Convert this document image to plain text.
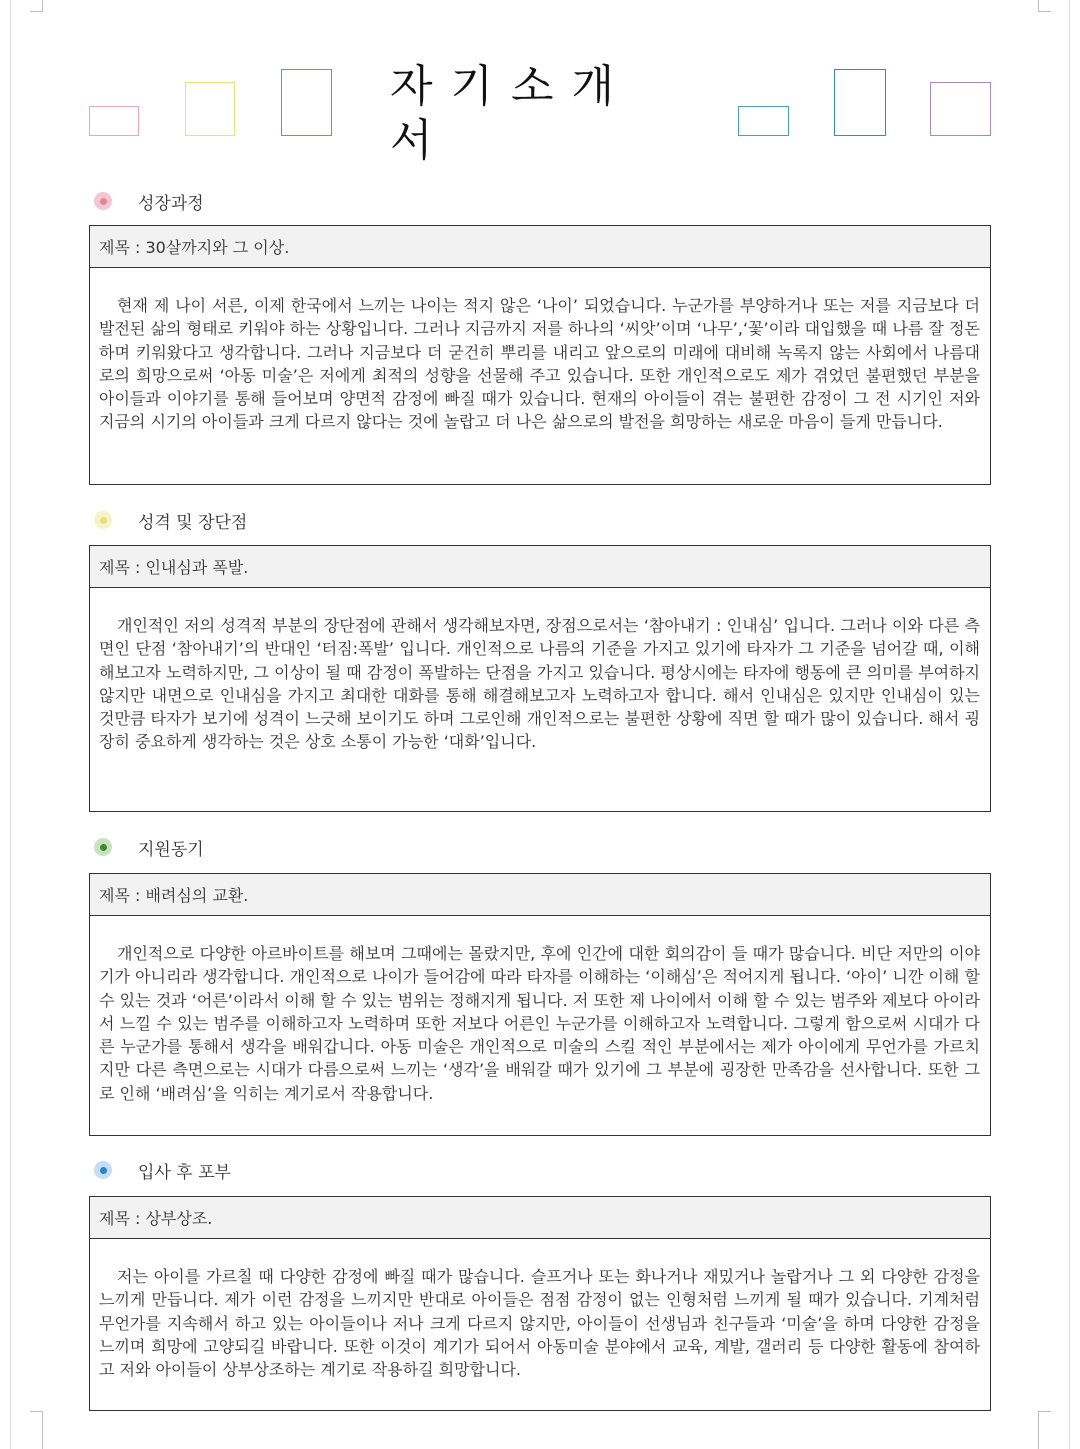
자기소개서
성장과정
제목 : 30살까지와 그 이상.

현재 제 나이 서른, 이제 한국에서 느끼는 나이는 적지 않은 ‘나이’ 되었습니다. 누군가를 부양하거나 또는 저를 지금보다 더 발전된 삶의 형태로 키워야 하는 상황입니다. 그러나 지금까지 저를 하나의 ‘씨앗’이며 ‘나무’,‘꽃’이라 대입했을 때 나름 잘 정돈하며 키워왔다고 생각합니다. 그러나 지금보다 더 굳건히 뿌리를 내리고 앞으로의 미래에 대비해 녹록지 않는 사회에서 나름대로의 희망으로써 ‘아동 미술’은 저에게 최적의 성향을 선물해 주고 있습니다. 또한 개인적으로도 제가 겪었던 불편했던 부분을 아이들과 이야기를 통해 들어보며 양면적 감정에 빠질 때가 있습니다. 현재의 아이들이 겪는 불편한 감정이 그 전 시기인 저와 지금의 시기의 아이들과 크게 다르지 않다는 것에 놀랍고 더 나은 삶으로의 발전을 희망하는 새로운 마음이 들게 만듭니다.

성격 및 장단점
제목 : 인내심과 폭발.

개인적인 저의 성격적 부분의 장단점에 관해서 생각해보자면, 장점으로서는 ‘참아내기 : 인내심’ 입니다. 그러나 이와 다른 측면인 단점 ‘참아내기’의 반대인 ‘터짐:폭발’ 입니다. 개인적으로 나름의 기준을 가지고 있기에 타자가 그 기준을 넘어갈 때, 이해해보고자 노력하지만, 그 이상이 될 때 감정이 폭발하는 단점을 가지고 있습니다. 평상시에는 타자에 행동에 큰 의미를 부여하지 않지만 내면으로 인내심을 가지고 최대한 대화를 통해 해결해보고자 노력하고자 합니다. 해서 인내심은 있지만 인내심이 있는 것만큼 타자가 보기에 성격이 느긋해 보이기도 하며 그로인해 개인적으로는 불편한 상황에 직면 할 때가 많이 있습니다. 해서 굉장히 중요하게 생각하는 것은 상호 소통이 가능한 ‘대화’입니다.

지원동기
제목 : 배려심의 교환.

개인적으로 다양한 아르바이트를 해보며 그때에는 몰랐지만, 후에 인간에 대한 회의감이 들 때가 많습니다. 비단 저만의 이야기가 아니리라 생각합니다. 개인적으로 나이가 들어감에 따라 타자를 이해하는 ‘이해심’은 적어지게 됩니다. ‘아이’ 니깐 이해 할 수 있는 것과 ‘어른’이라서 이해 할 수 있는 범위는 정해지게 됩니다. 저 또한 제 나이에서 이해 할 수 있는 범주와 제보다 아이라서 느낄 수 있는 범주를 이해하고자 노력하며 또한 저보다 어른인 누군가를 이해하고자 노력합니다. 그렇게 함으로써 시대가 다른 누군가를 통해서 생각을 배워갑니다. 아동 미술은 개인적으로 미술의 스킬 적인 부분에서는 제가 아이에게 무언가를 가르치지만 다른 측면으로는 시대가 다름으로써 느끼는 ‘생각’을 배워갈 때가 있기에 그 부분에 굉장한 만족감을 선사합니다. 또한 그로 인해 ‘배려심’을 익히는 계기로서 작용합니다.

입사 후 포부
제목 : 상부상조.

저는 아이를 가르칠 때 다양한 감정에 빠질 때가 많습니다. 슬프거나 또는 화나거나 재밌거나 놀랍거나 그 외 다양한 감정을 느끼게 만듭니다. 제가 이런 감정을 느끼지만 반대로 아이들은 점점 감정이 없는 인형처럼 느끼게 될 때가 있습니다. 기계처럼 무언가를 지속해서 하고 있는 아이들이나 저나 크게 다르지 않지만, 아이들이 선생님과 친구들과 ‘미술’을 하며 다양한 감정을 느끼며 희망에 고양되길 바랍니다. 또한 이것이 계기가 되어서 아동미술 분야에서 교육, 계발, 갤러리 등 다양한 활동에 참여하고 저와 아이들이 상부상조하는 계기로 작용하길 희망합니다.
